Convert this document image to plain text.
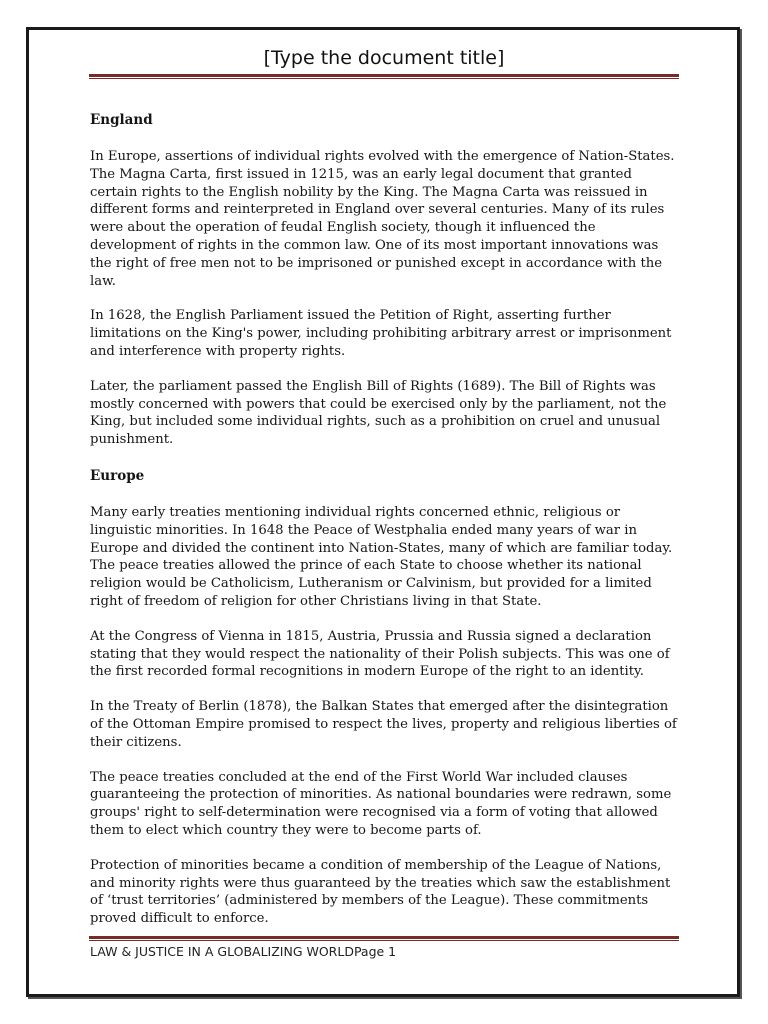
[Type the document title]
England

In Europe, assertions of individual rights evolved with the emergence of Nation-States. The Magna Carta, first issued in 1215, was an early legal document that granted certain rights to the English nobility by the King. The Magna Carta was reissued in different forms and reinterpreted in England over several centuries. Many of its rules were about the operation of feudal English society, though it influenced the development of rights in the common law. One of its most important innovations was the right of free men not to be imprisoned or punished except in accordance with the law.

In 1628, the English Parliament issued the Petition of Right, asserting further limitations on the King's power, including prohibiting arbitrary arrest or imprisonment and interference with property rights.

Later, the parliament passed the English Bill of Rights (1689). The Bill of Rights was mostly concerned with powers that could be exercised only by the parliament, not the King, but included some individual rights, such as a prohibition on cruel and unusual punishment.

Europe

Many early treaties mentioning individual rights concerned ethnic, religious or linguistic minorities. In 1648 the Peace of Westphalia ended many years of war in Europe and divided the continent into Nation-States, many of which are familiar today. The peace treaties allowed the prince of each State to choose whether its national religion would be Catholicism, Lutheranism or Calvinism, but provided for a limited right of freedom of religion for other Christians living in that State.

At the Congress of Vienna in 1815, Austria, Prussia and Russia signed a declaration stating that they would respect the nationality of their Polish subjects. This was one of the first recorded formal recognitions in modern Europe of the right to an identity.

In the Treaty of Berlin (1878), the Balkan States that emerged after the disintegration of the Ottoman Empire promised to respect the lives, property and religious liberties of their citizens.

The peace treaties concluded at the end of the First World War included clauses guaranteeing the protection of minorities. As national boundaries were redrawn, some groups' right to self-determination were recognised via a form of voting that allowed them to elect which country they were to become parts of.

Protection of minorities became a condition of membership of the League of Nations, and minority rights were thus guaranteed by the treaties which saw the establishment of ‘trust territories’ (administered by members of the League). These commitments proved difficult to enforce.

LAW & JUSTICE IN A GLOBALIZING WORLDPage 1
